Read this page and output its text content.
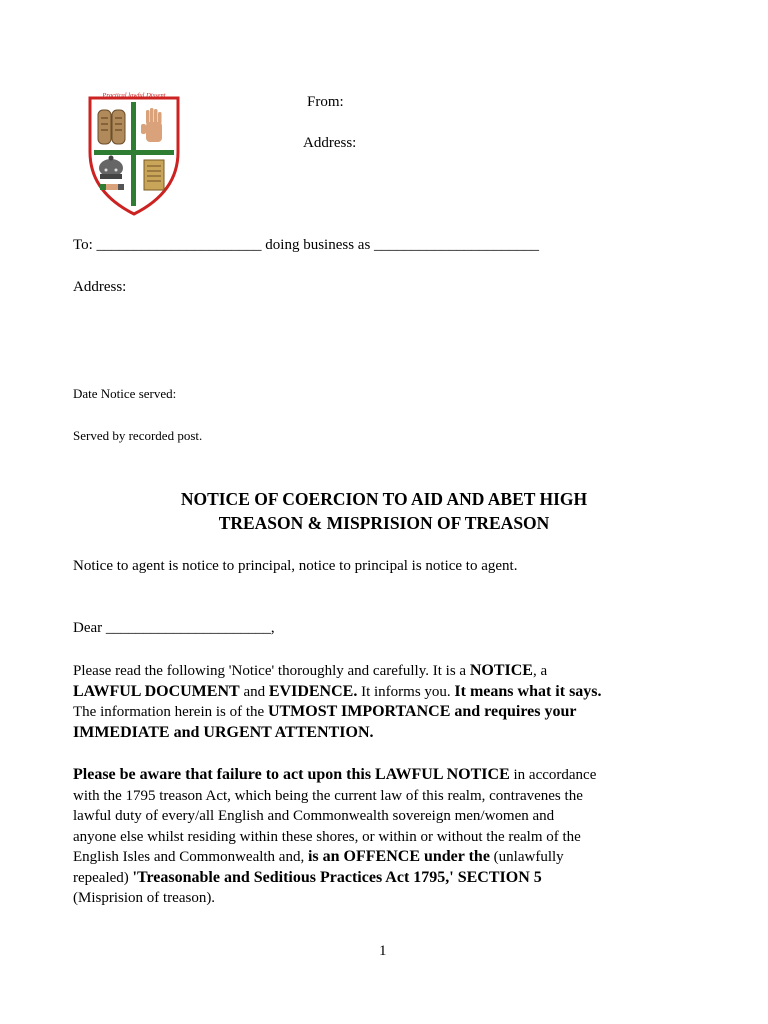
Practical lawful Dissent	From:
Address:
To: ______________________ doing business as ______________________
Address:
Date Notice served:
Served by recorded post.
NOTICE OF COERCION TO AID AND ABET HIGH
TREASON & MISPRISION OF TREASON
Notice to agent is notice to principal, notice to principal is notice to agent.
Dear ______________________,
Please read the following 'Notice' thoroughly and carefully. It is a NOTICE, a
LAWFUL DOCUMENT and EVIDENCE. It informs you. It means what it says.
The information herein is of the UTMOST IMPORTANCE and requires your
IMMEDIATE and URGENT ATTENTION.
Please be aware that failure to act upon this LAWFUL NOTICE in accordance
with the 1795 treason Act, which being the current law of this realm, contravenes the
lawful duty of every/all English and Commonwealth sovereign men/women and
anyone else whilst residing within these shores, or within or without the realm of the
English Isles and Commonwealth and, is an OFFENCE under the (unlawfully
repealed) 'Treasonable and Seditious Practices Act 1795,' SECTION 5
(Misprision of treason).
1
